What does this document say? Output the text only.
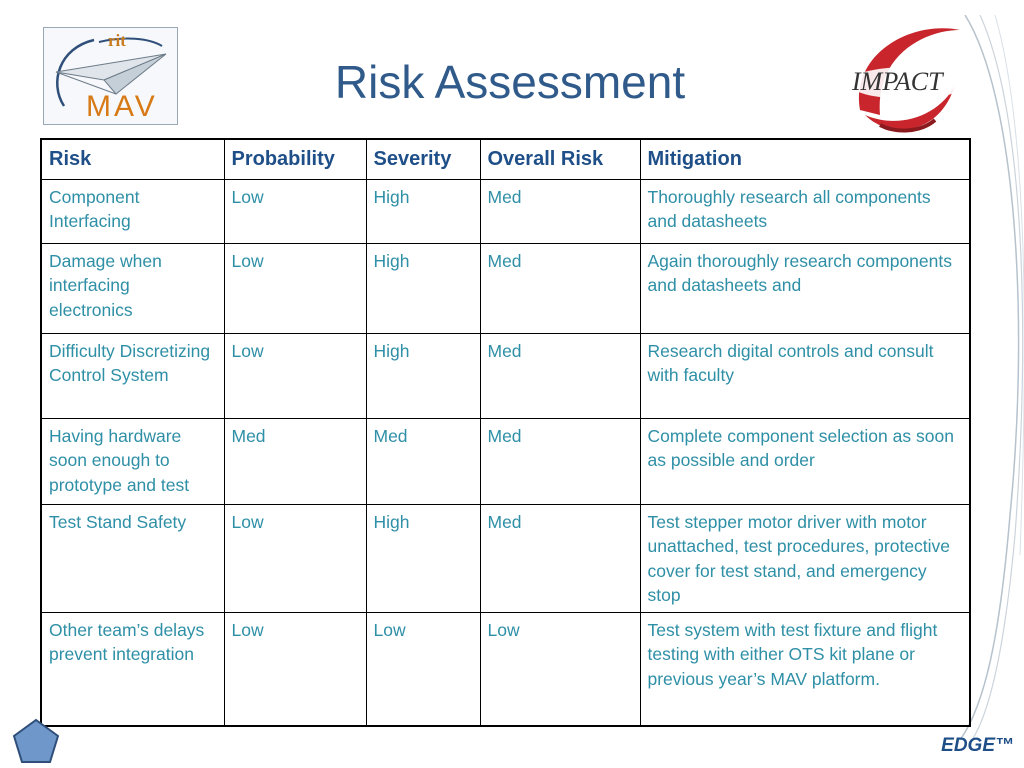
rit
MAV	Risk Assessment	IMPACT
Risk	Probability	Severity	Overall Risk	Mitigation
Component Interfacing	Low	High	Med	Thoroughly research all components and datasheets
Damage when interfacing electronics	Low	High	Med	Again thoroughly research components and datasheets and
Difficulty Discretizing Control System	Low	High	Med	Research digital controls and consult with faculty
Having hardware soon enough to prototype and test	Med	Med	Med	Complete component selection as soon as possible and order
Test Stand Safety	Low	High	Med	Test stepper motor driver with motor unattached, test procedures, protective cover for test stand, and emergency stop
Other team’s delays prevent integration	Low	Low	Low	Test system with test fixture and flight testing with either OTS kit plane or previous year’s MAV platform.
EDGE™
